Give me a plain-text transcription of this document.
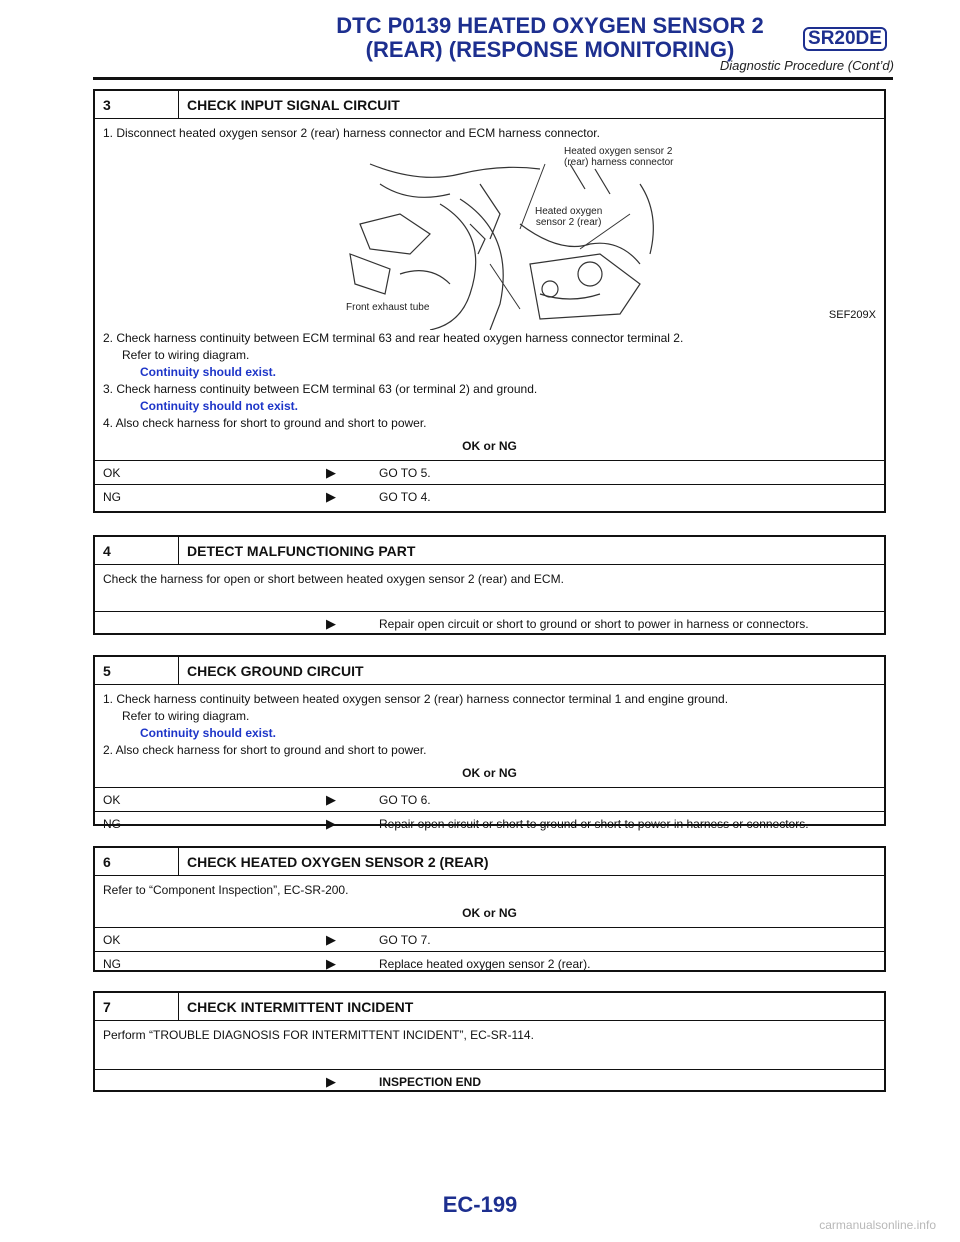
DTC P0139 HEATED OXYGEN SENSOR 2
(REAR) (RESPONSE MONITORING)	SR20DE
Diagnostic Procedure (Cont’d)
3	CHECK INPUT SIGNAL CIRCUIT
1. Disconnect heated oxygen sensor 2 (rear) harness connector and ECM harness connector.
Heated oxygen sensor 2
(rear) harness connector
Heated oxygen
sensor 2 (rear)
Front exhaust tube
SEF209X
2. Check harness continuity between ECM terminal 63 and rear heated oxygen harness connector terminal 2.
Refer to wiring diagram.
Continuity should exist.
3. Check harness continuity between ECM terminal 63 (or terminal 2) and ground.
Continuity should not exist.
4. Also check harness for short to ground and short to power.
OK or NG
OK	▶	GO TO 5.
NG	▶	GO TO 4.
4	DETECT MALFUNCTIONING PART
Check the harness for open or short between heated oxygen sensor 2 (rear) and ECM.
▶	Repair open circuit or short to ground or short to power in harness or connectors.
5	CHECK GROUND CIRCUIT
1. Check harness continuity between heated oxygen sensor 2 (rear) harness connector terminal 1 and engine ground.
Refer to wiring diagram.
Continuity should exist.
2. Also check harness for short to ground and short to power.
OK or NG
OK	▶	GO TO 6.
NG	▶	Repair open circuit or short to ground or short to power in harness or connectors.
6	CHECK HEATED OXYGEN SENSOR 2 (REAR)
Refer to “Component Inspection”, EC-SR-200.
OK or NG
OK	▶	GO TO 7.
NG	▶	Replace heated oxygen sensor 2 (rear).
7	CHECK INTERMITTENT INCIDENT
Perform “TROUBLE DIAGNOSIS FOR INTERMITTENT INCIDENT”, EC-SR-114.
▶	INSPECTION END
EC-199
carmanualsonline.info
